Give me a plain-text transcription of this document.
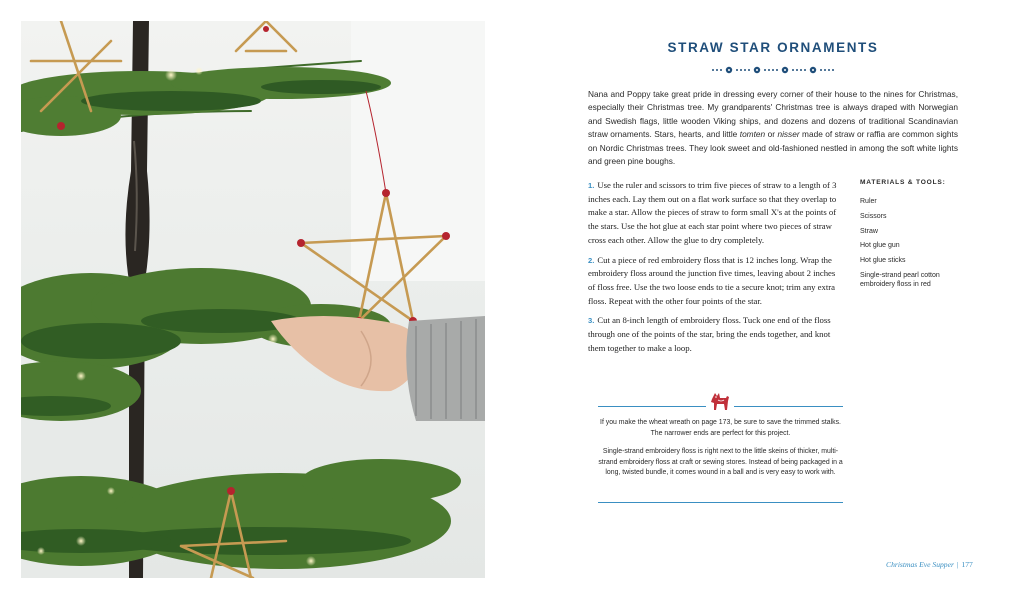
STRAW STAR ORNAMENTS
Nana and Poppy take great pride in dressing every corner of their house to the nines for Christmas, especially their Christmas tree. My grandparents' Christmas tree is always draped with Norwegian and Swedish flags, little wooden Viking ships, and dozens and dozens of traditional Scandinavian straw ornaments. Stars, hearts, and little tomten or nisser made of straw or raffia are common sights on Nordic Christmas trees. They look sweet and old-fashioned nestled in among the soft white lights and green pine boughs.
1. Use the ruler and scissors to trim five pieces of straw to a length of 3 inches each. Lay them out on a flat work surface so that they overlap to make a star. Allow the pieces of straw to form small X's at the points of the stars. Use the hot glue at each star point where two pieces of straw cross each other. Allow the glue to dry completely.
2. Cut a piece of red embroidery floss that is 12 inches long. Wrap the embroidery floss around the junction five times, leaving about 2 inches of floss free. Use the two loose ends to tie a secure knot; trim any extra floss. Repeat with the other four points of the star.
3. Cut an 8-inch length of embroidery floss. Tuck one end of the floss through one of the points of the star, bring the ends together, and knot them together to make a loop.
MATERIALS & TOOLS:
Ruler
Scissors
Straw
Hot glue gun
Hot glue sticks
Single-strand pearl cotton embroidery floss in red

If you make the wheat wreath on page 173, be sure to save the trimmed stalks. The narrower ends are perfect for this project.

Single-strand embroidery floss is right next to the little skeins of thicker, multi-strand embroidery floss at craft or sewing stores. Instead of being packaged in a long, twisted bundle, it comes wound in a ball and is very easy to work with.

Christmas Eve Supper | 177
